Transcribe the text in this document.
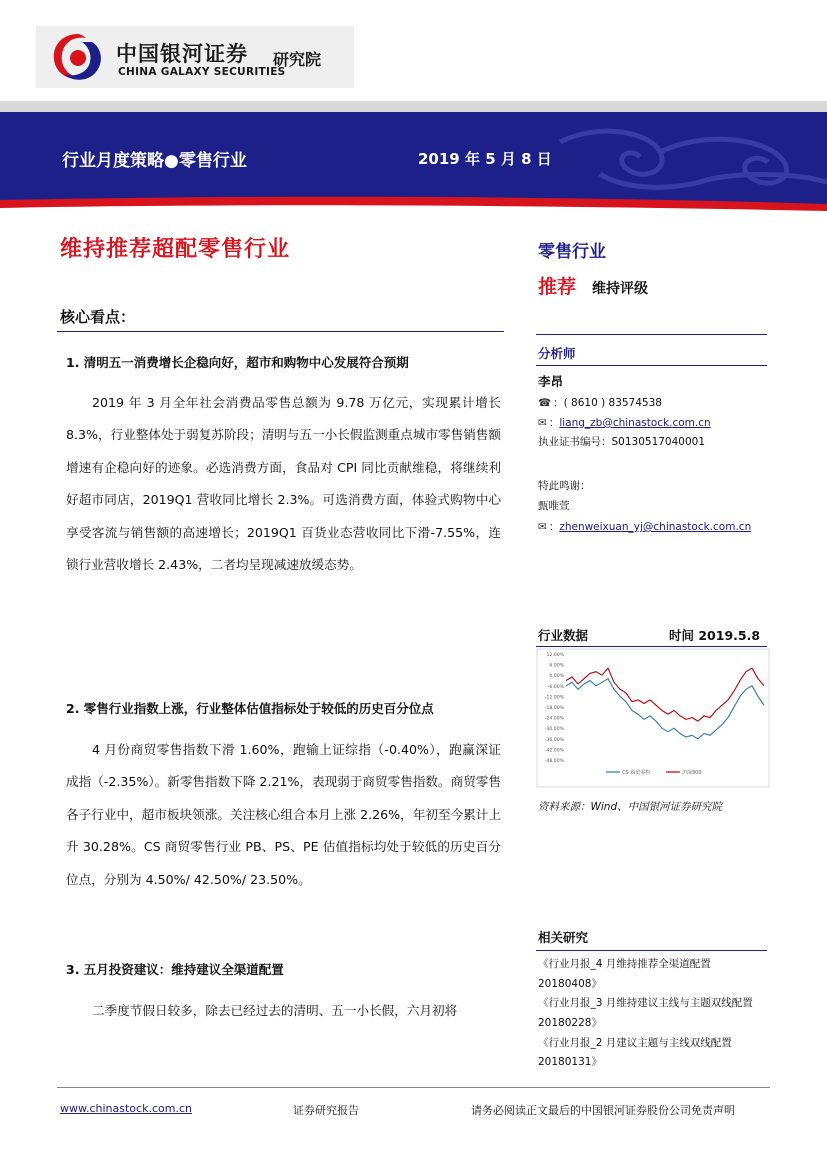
中国银河证券
CHINA GALAXY SECURITIES
研究院
行业月度策略●零售行业	2019 年 5 月 8 日
维持推荐超配零售行业
核心看点：
1. 清明五一消费增长企稳向好，超市和购物中心发展符合预期
2019 年 3 月全年社会消费品零售总额为 9.78 万亿元，实现累计增长 8.3%，行业整体处于弱复苏阶段；清明与五一小长假监测重点城市零售销售额增速有企稳向好的迹象。必选消费方面，食品对 CPI 同比贡献维稳，将继续利好超市同店，2019Q1 营收同比增长 2.3%。可选消费方面，体验式购物中心享受客流与销售额的高速增长；2019Q1 百货业态营收同比下滑-7.55%，连锁行业营收增长 2.43%，二者均呈现减速放缓态势。
2. 零售行业指数上涨，行业整体估值指标处于较低的历史百分位点
4 月份商贸零售指数下滑 1.60%，跑输上证综指（-0.40%），跑赢深证成指（-2.35%）。新零售指数下降 2.21%，表现弱于商贸零售指数。商贸零售各子行业中，超市板块领涨。关注核心组合本月上涨 2.26%，年初至今累计上升 30.28%。CS 商贸零售行业 PB、PS、PE 估值指标均处于较低的历史百分位点，分别为 4.50%/ 42.50%/ 23.50%。
3. 五月投资建议：维持建议全渠道配置
二季度节假日较多，除去已经过去的清明、五一小长假，六月初将
零售行业
推荐 维持评级
分析师
李昂
☎ ：( 8610 ) 83574538
✉ ：liang_zb@chinastock.com.cn
执业证书编号：S0130517040001
特此鸣谢：
甄唯萱
✉ ：zhenweixuan_yj@chinastock.com.cn
行业数据	时间 2019.5.8
12.00%
6.00%
0.00%
-6.00%
-12.00%
-18.00%
-24.00%
-30.00%
-36.00%
-42.00%
-48.00%
CS 商贸零售	沪深300
资料来源：Wind、中国银河证券研究院
相关研究
《行业月报_4 月维持推荐全渠道配置
20180408》
《行业月报_3 月维持建议主线与主题双线配置
20180228》
《行业月报_2 月建议主题与主线双线配置
20180131》
www.chinastock.com.cn	证券研究报告	请务必阅读正文最后的中国银河证券股份公司免责声明
